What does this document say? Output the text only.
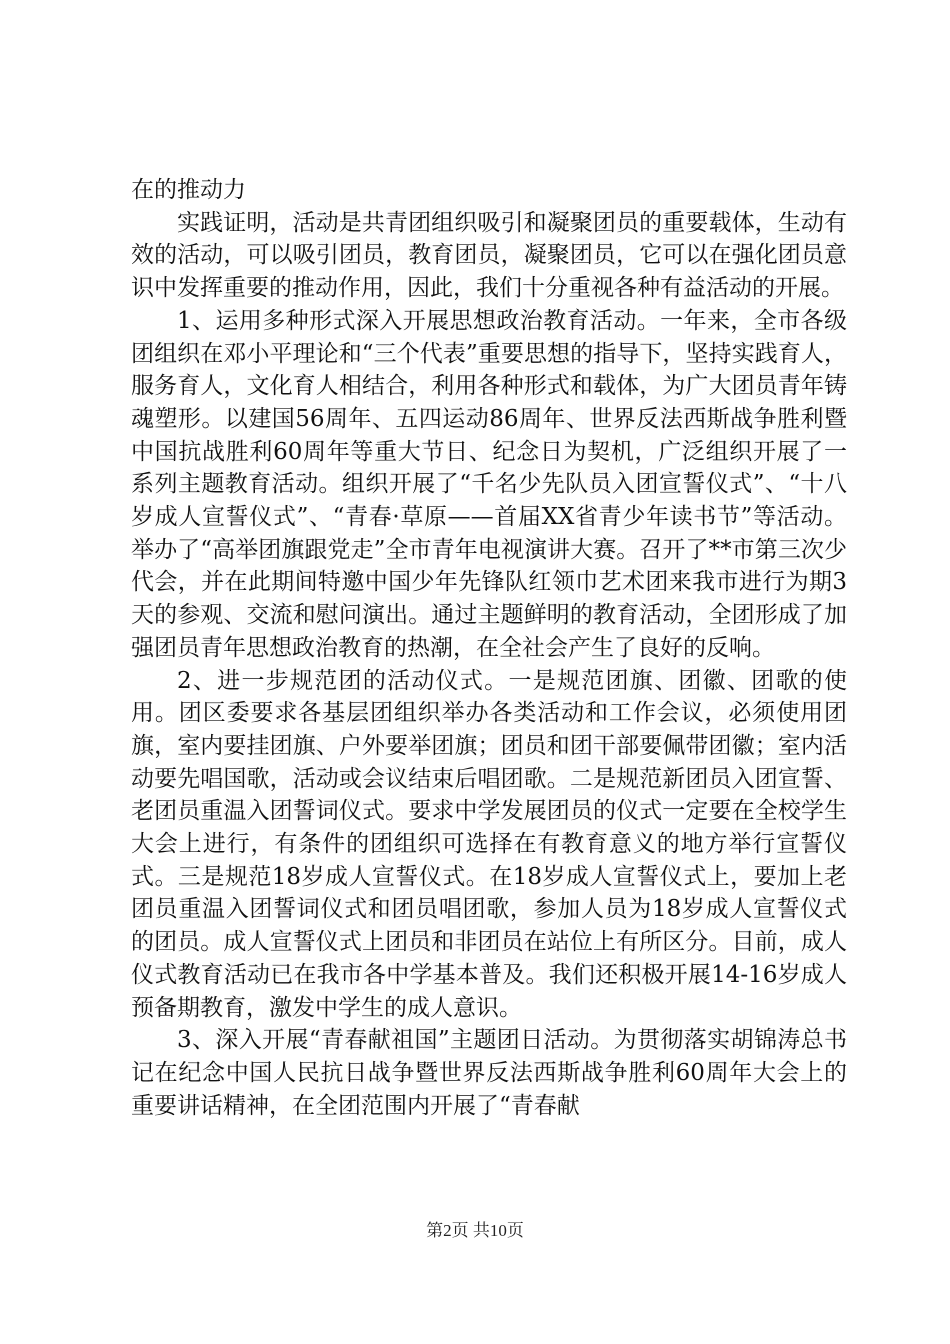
在的推动力

实践证明，活动是共青团组织吸引和凝聚团员的重要载体，生动有效的活动，可以吸引团员，教育团员，凝聚团员，它可以在强化团员意识中发挥重要的推动作用，因此，我们十分重视各种有益活动的开展。

1、运用多种形式深入开展思想政治教育活动。一年来，全市各级团组织在邓小平理论和“三个代表”重要思想的指导下，坚持实践育人，服务育人，文化育人相结合，利用各种形式和载体，为广大团员青年铸魂塑形。以建国56周年、五四运动86周年、世界反法西斯战争胜利暨中国抗战胜利60周年等重大节日、纪念日为契机，广泛组织开展了一系列主题教育活动。组织开展了“千名少先队员入团宣誓仪式”、“十八岁成人宣誓仪式”、“青春·草原——首届XX省青少年读书节”等活动。举办了“高举团旗跟党走”全市青年电视演讲大赛。召开了**市第三次少代会，并在此期间特邀中国少年先锋队红领巾艺术团来我市进行为期3天的参观、交流和慰问演出。通过主题鲜明的教育活动，全团形成了加强团员青年思想政治教育的热潮，在全社会产生了良好的反响。

2、进一步规范团的活动仪式。一是规范团旗、团徽、团歌的使用。团区委要求各基层团组织举办各类活动和工作会议，必须使用团旗，室内要挂团旗、户外要举团旗；团员和团干部要佩带团徽；室内活动要先唱国歌，活动或会议结束后唱团歌。二是规范新团员入团宣誓、老团员重温入团誓词仪式。要求中学发展团员的仪式一定要在全校学生大会上进行，有条件的团组织可选择在有教育意义的地方举行宣誓仪式。三是规范18岁成人宣誓仪式。在18岁成人宣誓仪式上，要加上老团员重温入团誓词仪式和团员唱团歌，参加人员为18岁成人宣誓仪式的团员。成人宣誓仪式上团员和非团员在站位上有所区分。目前，成人仪式教育活动已在我市各中学基本普及。我们还积极开展14-16岁成人预备期教育，激发中学生的成人意识。

3、深入开展“青春献祖国”主题团日活动。为贯彻落实胡锦涛总书记在纪念中国人民抗日战争暨世界反法西斯战争胜利60周年大会上的重要讲话精神，在全团范围内开展了“青春献

第2页 共10页
